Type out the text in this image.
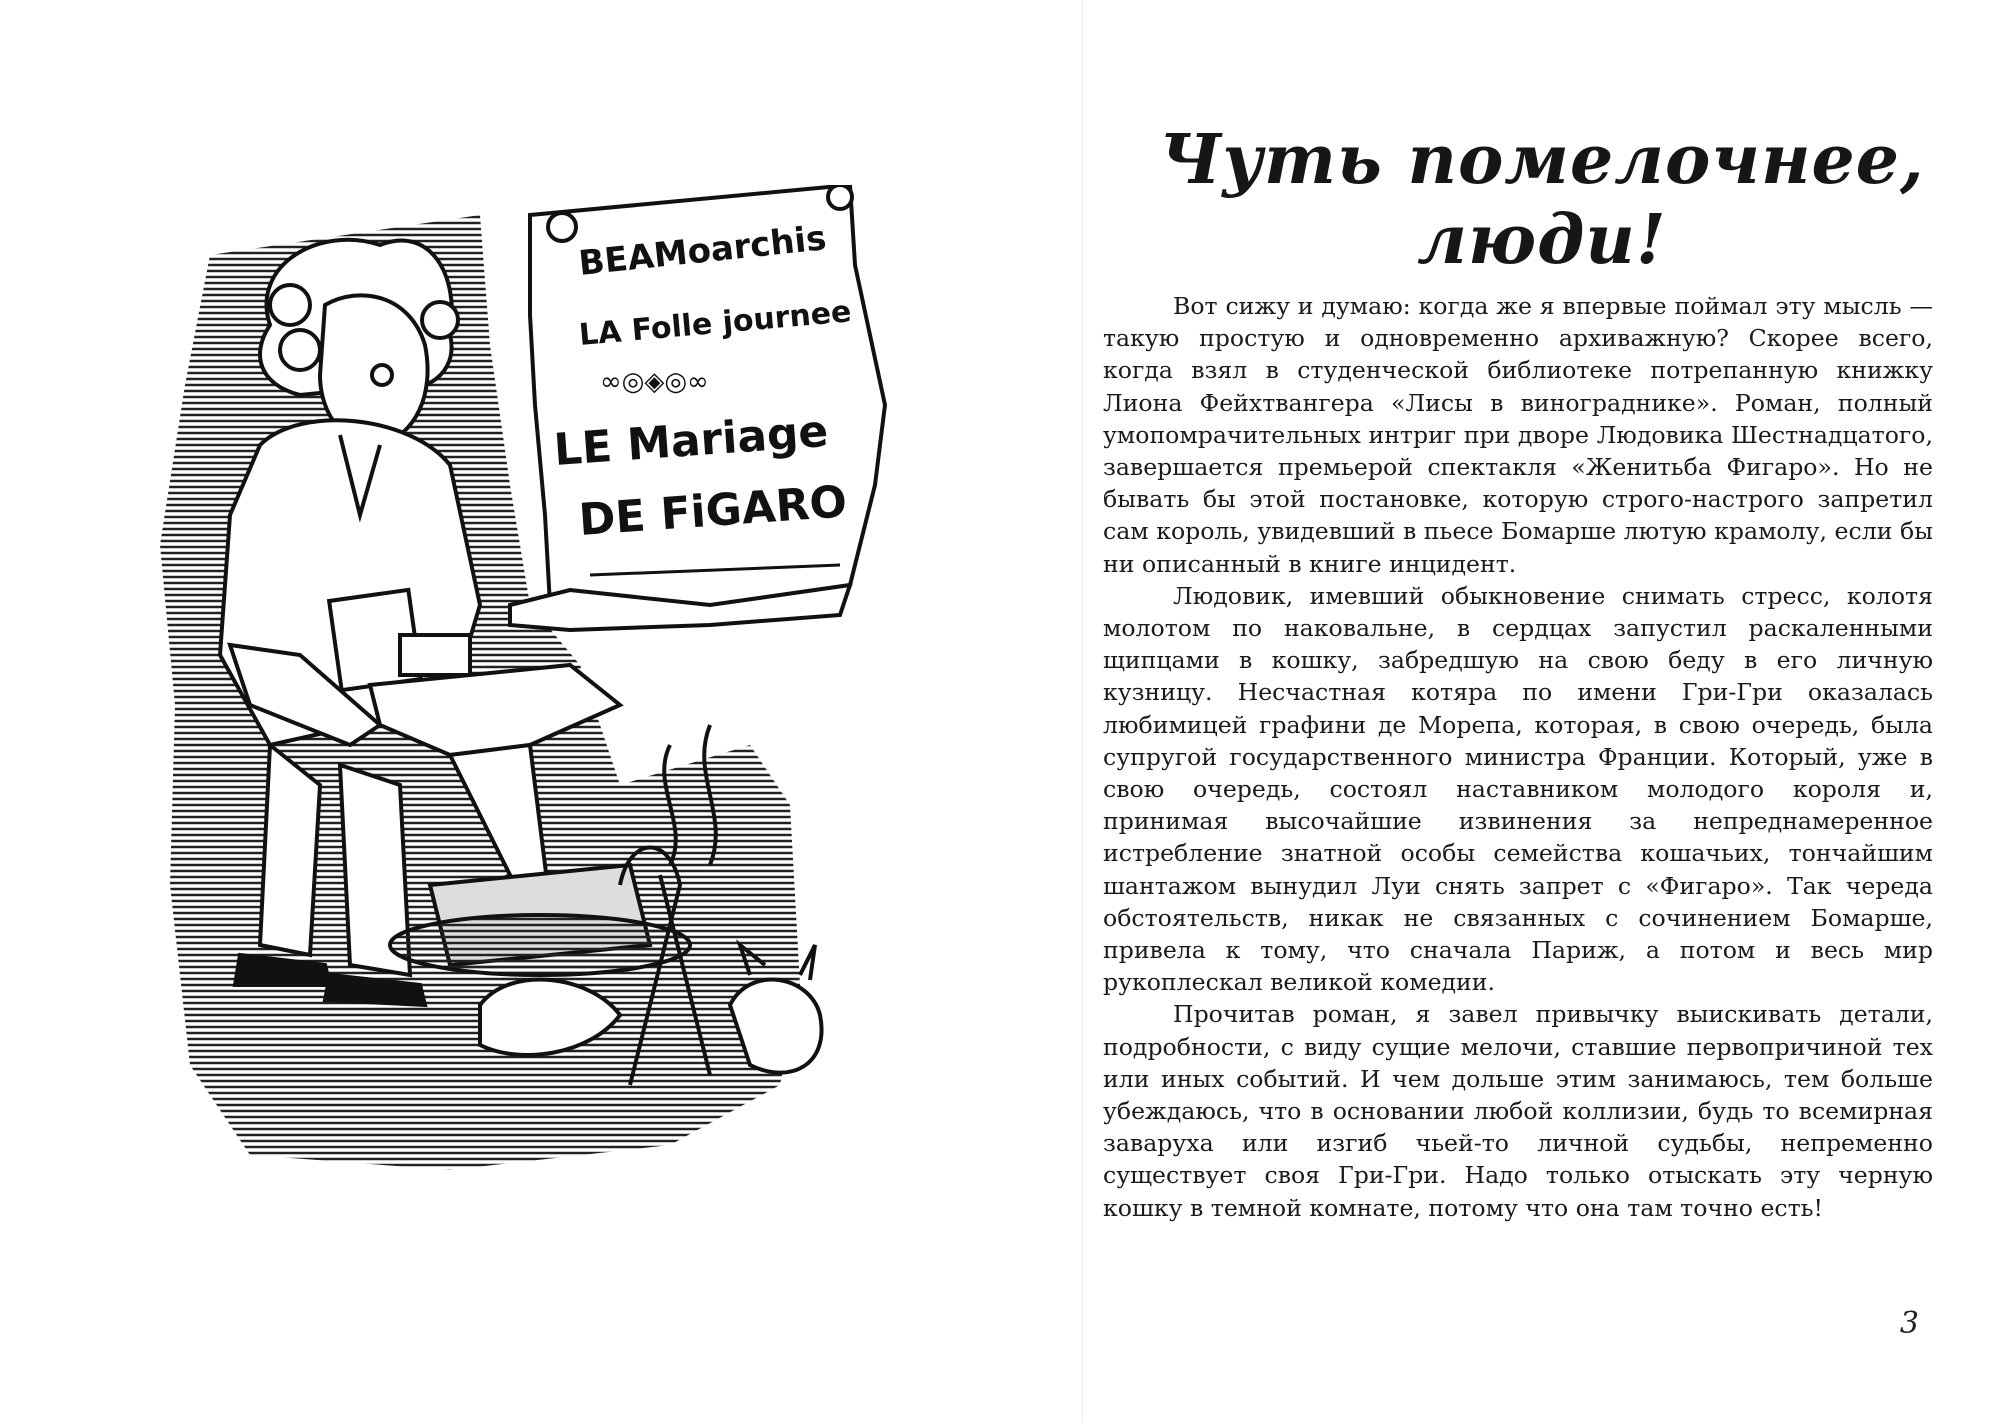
BEAMoarchis
LA Folle journee
∞◎◈◎∞
LE Mariage
DE FiGARO
Чуть помелочнее, люди!

Вот сижу и думаю: когда же я впервые поймал эту мысль — такую простую и одновременно архиважную? Скорее всего, когда взял в студенческой библиотеке потрепанную книжку Лиона Фейхтвангера «Лисы в винограднике». Роман, полный умопомрачительных интриг при дворе Людовика Шестнадцатого, завершается премьерой спектакля «Женитьба Фигаро». Но не бывать бы этой постановке, которую строго-настрого запретил сам король, увидевший в пьесе Бомарше лютую крамолу, если бы ни описанный в книге инцидент.

Людовик, имевший обыкновение снимать стресс, колотя молотом по наковальне, в сердцах запустил раскаленными щипцами в кошку, забредшую на свою беду в его личную кузницу. Несчастная котяра по имени Гри-Гри оказалась любимицей графини де Морепа, которая, в свою очередь, была супругой государственного министра Франции. Который, уже в свою очередь, состоял наставником молодого короля и, принимая высочайшие извинения за непреднамеренное истребление знатной особы семейства кошачьих, тончайшим шантажом вынудил Луи снять запрет с «Фигаро». Так череда обстоятельств, никак не связанных с сочинением Бомарше, привела к тому, что сначала Париж, а потом и весь мир рукоплескал великой комедии.

Прочитав роман, я завел привычку выискивать детали, подробности, с виду сущие мелочи, ставшие первопричиной тех или иных событий. И чем дольше этим занимаюсь, тем больше убеждаюсь, что в основании любой коллизии, будь то всемирная заваруха или изгиб чьей-то личной судьбы, непременно существует своя Гри-Гри. Надо только отыскать эту черную кошку в темной комнате, потому что она там точно есть!

3
